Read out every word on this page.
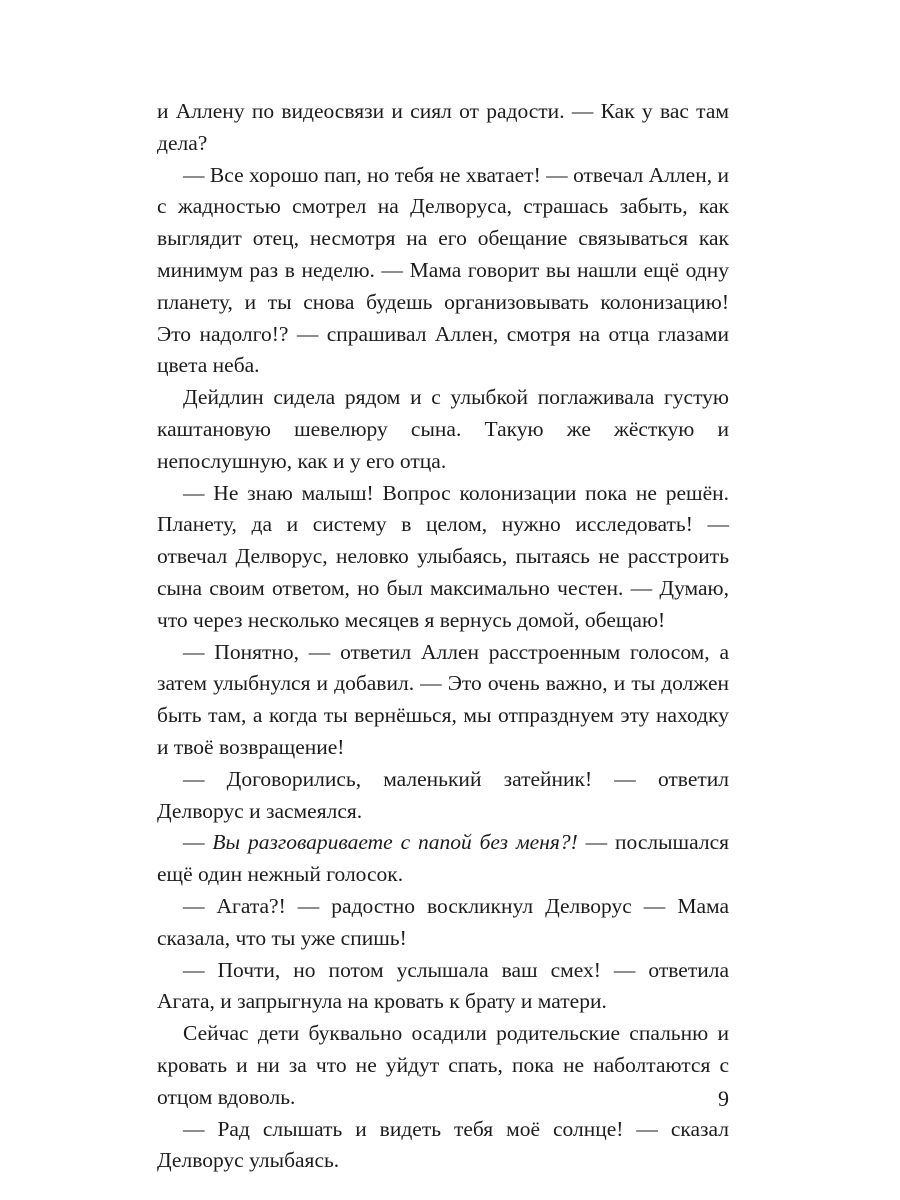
и Аллену по видеосвязи и сиял от радости. — Как у вас там дела?

— Все хорошо пап, но тебя не хватает! — отвечал Аллен, и с жадностью смотрел на Делворуса, страшась забыть, как выглядит отец, несмотря на его обещание связываться как минимум раз в неделю. — Мама говорит вы нашли ещё одну планету, и ты снова будешь организовывать колонизацию! Это надолго!? — спрашивал Аллен, смотря на отца глазами цвета неба.

Дейдлин сидела рядом и с улыбкой поглаживала густую каштановую шевелюру сына. Такую же жёсткую и непослушную, как и у его отца.

— Не знаю малыш! Вопрос колонизации пока не решён. Планету, да и систему в целом, нужно исследовать! — отвечал Делворус, неловко улыбаясь, пытаясь не расстроить сына своим ответом, но был максимально честен. — Думаю, что через несколько месяцев я вернусь домой, обещаю!

— Понятно, — ответил Аллен расстроенным голосом, а затем улыбнулся и добавил. — Это очень важно, и ты должен быть там, а когда ты вернёшься, мы отпразднуем эту находку и твоё возвращение!

— Договорились, маленький затейник! — ответил Делворус и засмеялся.

— Вы разговариваете с папой без меня?! — послышался ещё один нежный голосок.

— Агата?! — радостно воскликнул Делворус — Мама сказала, что ты уже спишь!

— Почти, но потом услышала ваш смех! — ответила Агата, и запрыгнула на кровать к брату и матери.

Сейчас дети буквально осадили родительские спальню и кровать и ни за что не уйдут спать, пока не наболтаются с отцом вдоволь.

— Рад слышать и видеть тебя моё солнце! — сказал Делворус улыбаясь.

9
